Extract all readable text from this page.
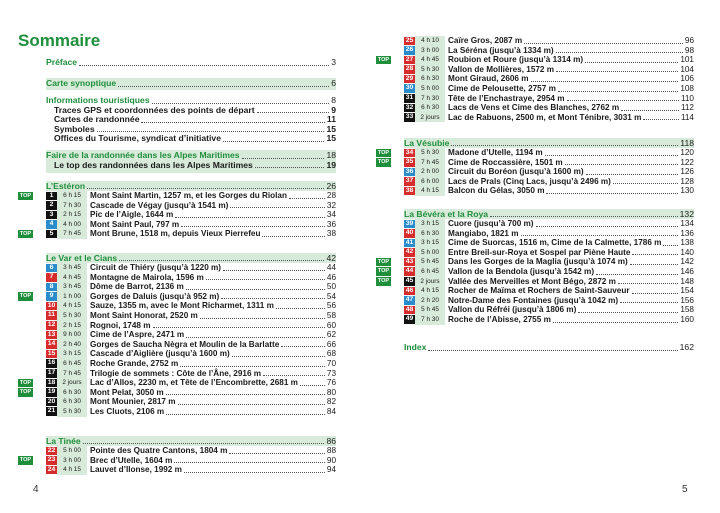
Sommaire
Préface	3
Carte synoptique	6
Informations touristiques	8
Traces GPS et coordonnées des points de départ	9
Cartes de randonnée	11
Symboles	15
Offices du Tourisme, syndicat d’initiative	15
Faire de la randonnée dans les Alpes Maritimes	18
Le top des randonnées dans les Alpes Maritimes	19
L’Estéron	26
TOP	1	6 h 15	Mont Saint Martin, 1257 m, et les Gorges du Riolan	28
2	7 h 30	Cascade de Végay (jusqu’à 1541 m)	32
3	2 h 15	Pic de l’Aigle, 1644 m	34
4	4 h 00	Mont Saint Paul, 797 m	36
TOP	5	7 h 45	Mont Brune, 1518 m, depuis Vieux Pierrefeu	38
Le Var et le Cians	42
6	3 h 45	Circuit de Thiéry (jusqu’à 1220 m)	44
7	4 h 45	Montagne de Mairola, 1596 m	46
8	3 h 45	Dôme de Barrot, 2136 m	50
TOP	9	1 h 00	Gorges de Daluis (jusqu’à 952 m)	54
10	4 h 15	Sauze, 1355 m, avec le Mont Richarmet, 1311 m	56
11	5 h 30	Mont Saint Honorat, 2520 m	58
12	2 h 15	Rognoi, 1748 m	60
13	9 h 00	Cime de l’Aspre, 2471 m	62
14	2 h 40	Gorges de Saucha Nègra et Moulin de la Barlatte	66
15	3 h 15	Cascade d’Aiglière (jusqu’à 1600 m)	68
16	6 h 45	Roche Grande, 2752 m	70
17	7 h 45	Trilogie de sommets : Côte de l’Âne, 2916 m	73
TOP 18	2 jours	Lac d’Allos, 2230 m, et Tête de l’Encombrette, 2681 m	76
TOP 19	6 h 30	Mont Pelat, 3050 m	80
20	6 h 30	Mont Mounier, 2817 m	82
21	5 h 30	Les Cluots, 2106 m	84
La Tinée	86
22	5 h 00	Pointe des Quatre Cantons, 1804 m	88
TOP 23	3 h 00	Brec d’Utelle, 1604 m	90
24	4 h 15	Lauvet d’Ilonse, 1992 m	94
4
25	4 h 10	Caïre Gros, 2087 m	96
26	3 h 00	La Séréna (jusqu’à 1334 m)	98
TOP 27	4 h 45	Roubion et Roure (jusqu’à 1314 m)	101
28	5 h 30	Vallon de Mollières, 1572 m	104
29	6 h 30	Mont Giraud, 2606 m	106
30	5 h 00	Cime de Pelousette, 2757 m	108
31	7 h 30	Tête de l’Enchastraye, 2954 m	110
32	6 h 30	Lacs de Vens et Cime des Blanches, 2762 m	112
33	2 jours	Lac de Rabuons, 2500 m, et Mont Ténibre, 3031 m	114
La Vésubie	118
TOP 34	5 h 30	Madone d’Utelle, 1194 m	120
TOP 35	7 h 45	Cime de Roccassière, 1501 m	122
36	2 h 00	Circuit du Boréon (jusqu’à 1600 m)	126
37	6 h 00	Lacs de Prals (Cinq Lacs, jusqu’à 2496 m)	128
38	4 h 15	Balcon du Gélas, 3050 m	130
La Bévéra et la Roya	132
39	3 h 15	Cuore (jusqu’à 700 m)	134
40	6 h 30	Mangiabo, 1821 m	136
41	3 h 15	Cime de Suorcas, 1516 m, Cime de la Calmette, 1786 m 138
42	5 h 00	Entre Breil-sur-Roya et Sospel par Piène Haute	140
TOP 43	5 h 45	Dans les Gorges de la Maglia (jusqu’à 1074 m)	142
TOP 44	6 h 45	Vallon de la Bendola (jusqu’à 1542 m)	146
TOP 45	2 jours	Vallée des Merveilles et Mont Bégo, 2872 m	148
46	4 h 15	Rocher de Maïma et Rochers de Saint-Sauveur	154
47	2 h 20	Notre-Dame des Fontaines (jusqu’à 1042 m)	156
48	5 h 45	Vallon du Réfréi (jusqu’à 1806 m)	158
49	7 h 30	Roche de l’Abisse, 2755 m	160
Index	162
5
